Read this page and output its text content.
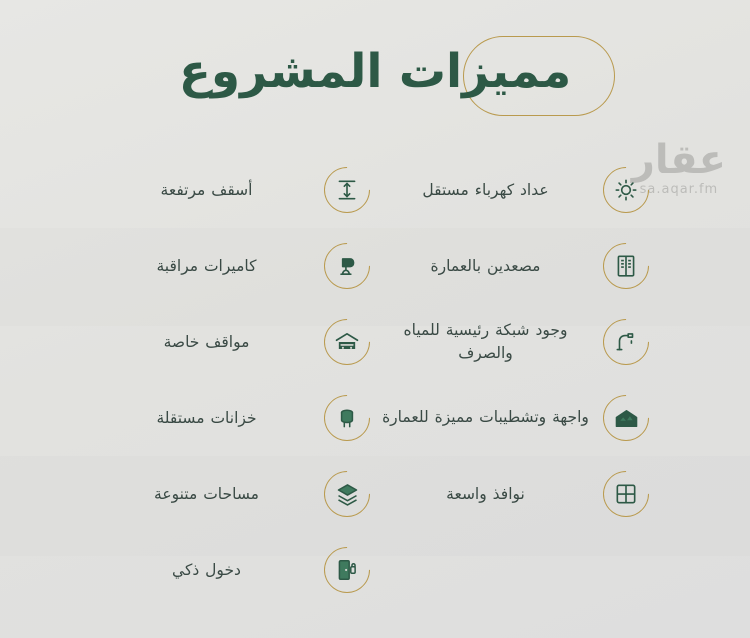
مميزات المشروع
عقار
sa.aqar.fm
عداد كهرباء مستقل
مصعدين بالعمارة
وجود شبكة رئيسية للمياه والصرف
واجهة وتشطيبات مميزة للعمارة
نوافذ واسعة
أسقف مرتفعة
كاميرات مراقبة
مواقف خاصة
خزانات مستقلة
مساحات متنوعة
دخول ذكي
